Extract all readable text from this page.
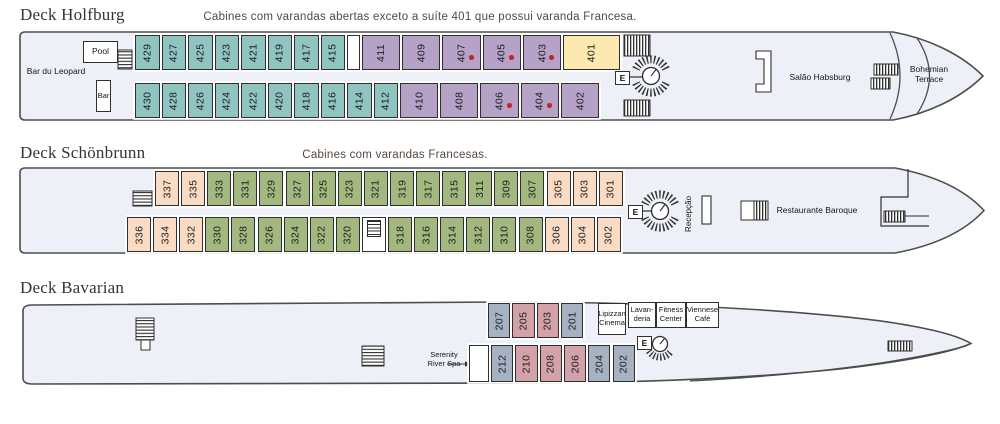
Deck Holfburg	Cabines com varandas abertas exceto a suíte 401 que possui varanda Francesa.
Deck Schönbrunn	Cabines com varandas Francesas.
Deck Bavarian
429 427 425 423 421 419 417 415	411	409	407	405	403	401
430 428 426 424 422 420 418 416 414 412 410	408	406	404	402
337 335 333 331 329 327 325 323 321 319 317 315 311 309 307 305 303 301
336 334 332 330 328 326 324 322 320	318 316 314 312 310 308 306 304 302
207 205 203 201
212 210 208 206 204 202
Pool
Bar du Leopard
Bar
Salão Habsburg
Bohemian Terrace
E
Recepção	Restaurante Baroque
E
Serenity River Spa
Lipizzan Cinema
Lavan-deria
Fitness Center
Viennese Café
E
